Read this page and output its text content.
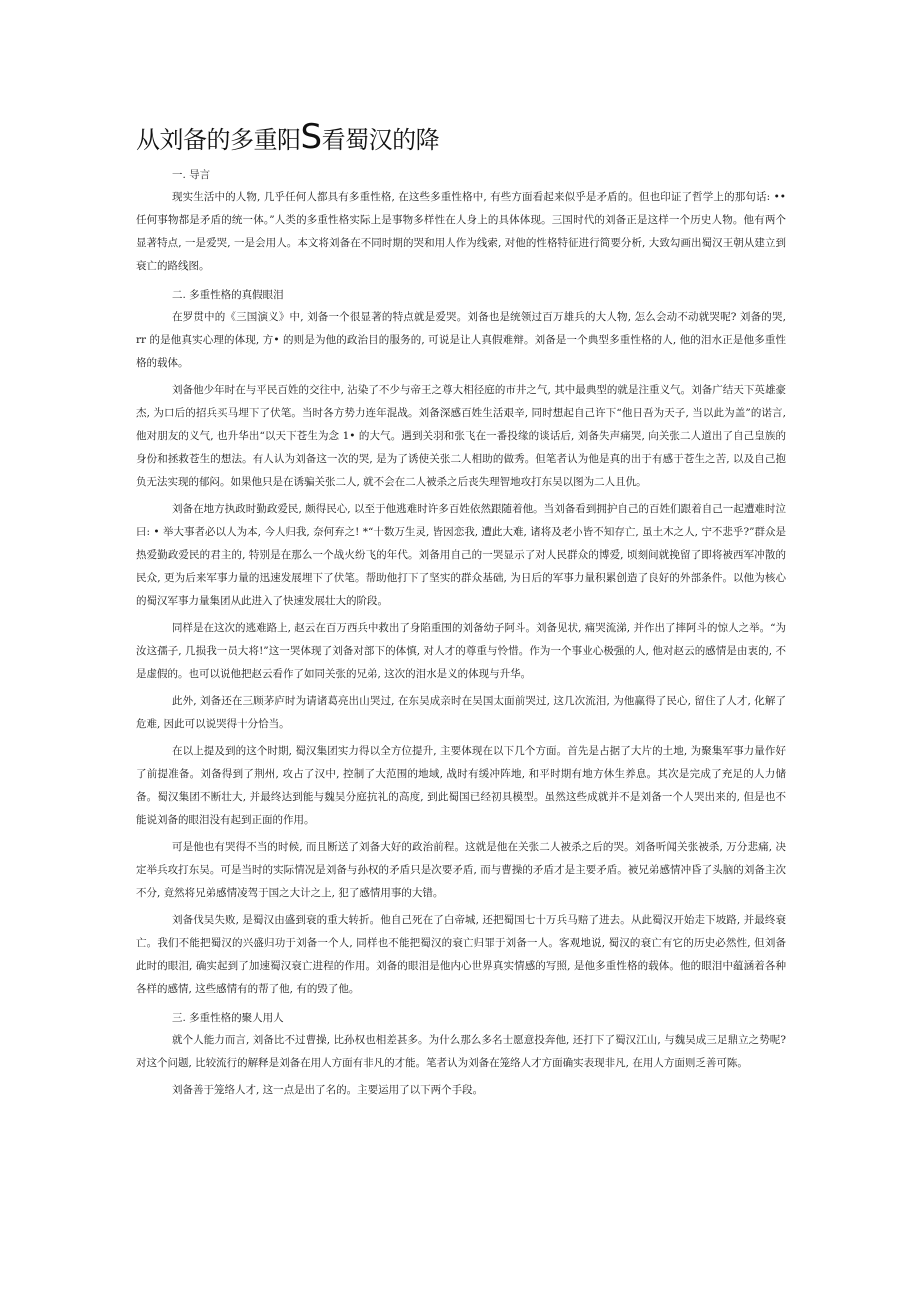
从刘备的多重阳S看蜀汉的降
一. 导言

现实生活中的人物, 几乎任何人都具有多重性格, 在这些多重性格中, 有些方面看起来似乎是矛盾的。但也印证了哲学上的那句话: •• 任何事物都是矛盾的统一体。”人类的多重性格实际上是事物多样性在人身上的具体体现。三国时代的刘备正是这样一个历史人物。他有两个显著特点, 一是爱哭, 一是会用人。本文将刘备在不同时期的哭和用人作为线索, 对他的性格特征进行简要分析, 大致勾画出蜀汉王朝从建立到衰亡的路线图。

二. 多重性格的真假眼泪

在罗贯中的《三国演义》中, 刘备一个很显著的特点就是爱哭。刘备也是统领过百万雄兵的大人物, 怎么会动不动就哭呢? 刘备的哭, rr 的是他真实心理的体现, 方• 的则是为他的政治目的服务的, 可说是让人真假难辩。刘备是一个典型多重性格的人, 他的泪水正是他多重性格的载体。

刘备他少年时在与平民百姓的交往中, 沾染了不少与帝王之尊大相径庭的市井之气, 其中最典型的就是注重义气。刘备广结天下英雄豪杰, 为口后的招兵买马埋下了伏笔。当时各方势力连年混战。刘备深感百姓生活艰辛, 同时想起自己许下“他日吾为天子, 当以此为盖”的诺言, 他对朋友的义气, 也升华出“以天下苍生为念 1• 的大气。遇到关羽和张飞在一番投缘的谈话后, 刘备失声痛哭, 向关张二人道出了自己皇族的身份和拯救苍生的想法。有人认为刘备这一次的哭, 是为了诱使关张二人相助的做秀。但笔者认为他是真的出于有感于苍生之苦, 以及自己抱负无法实现的郁闷。如果他只是在诱骗关张二人, 就不会在二人被杀之后丧失理智地攻打东吴以图为二人且仇。

刘备在地方执政时勤政爱民, 颇得民心, 以至于他逃难时许多百姓依然跟随着他。当刘备看到拥护自己的百姓们跟着自己一起遭难时泣曰: • 举大事者必以人为本, 今人归我, 奈何弃之! *“十数万生灵, 皆因恋我, 遭此大难, 诸将及老小皆不知存亡, 虽土木之人, 宁不悲乎?”群众是热爱勤政爱民的君主的, 特别是在那么一个战火纷飞的年代。刘备用自己的一哭显示了对人民群众的博爱, 顷刻间就挽留了即将被西军冲散的民众, 更为后来军事力量的迅速发展埋下了伏笔。帮助他打下了坚实的群众基础, 为日后的军事力量积累创造了良好的外部条件。以他为核心的蜀汉军事力量集团从此进入了快速发展壮大的阶段。

同样是在这次的逃难路上, 赵云在百万西兵中救出了身陷重围的刘备幼子阿斗。刘备见状, 痛哭流涕, 并作出了摔阿斗的惊人之举。“为汝这孺子, 几损我一员大将!”这一哭体现了刘备对部下的体慎, 对人才的尊重与怜惜。作为一个事业心极强的人, 他对赵云的感情是由衷的, 不是虚假的。也可以说他把赵云看作了如同关张的兄弟, 这次的泪水是义的体现与升华。

此外, 刘备还在三顾茅庐时为请诸葛亮出山哭过, 在东吴成亲时在吴国太面前哭过, 这几次流泪, 为他赢得了民心, 留住了人才, 化解了危难, 因此可以说哭得十分恰当。

在以上提及到的这个时期, 蜀汉集团实力得以全方位提升, 主要体现在以下几个方面。首先是占据了大片的土地, 为聚集军事力量作好了前提准备。刘备得到了荆州, 攻占了汉中, 控制了大范围的地域, 战时有缓冲阵地, 和平时期有地方休生养息。其次是完成了充足的人力储备。蜀汉集团不断壮大, 并最终达到能与魏吴分庭抗礼的高度, 到此蜀国已经初具模型。虽然这些成就并不是刘备一个人哭出来的, 但是也不能说刘备的眼泪没有起到正面的作用。

可是他也有哭得不当的时候, 而且断送了刘备大好的政治前程。这就是他在关张二人被杀之后的哭。刘备听闻关张被杀, 万分悲痛, 决定举兵攻打东吴。可是当时的实际情况是刘备与孙权的矛盾只是次要矛盾, 而与曹操的矛盾才是主要矛盾。被兄弟感情冲昏了头脑的刘备主次不分, 竟然将兄弟感情凌驾于国之大计之上, 犯了感情用事的大错。

刘备伐吴失败, 是蜀汉由盛到衰的重大转折。他自己死在了白帝城, 还把蜀国七十万兵马赔了进去。从此蜀汉开始走下坡路, 并最终衰亡。我们不能把蜀汉的兴盛归功于刘备一个人, 同样也不能把蜀汉的衰亡归罪于刘备一人。客观地说, 蜀汉的衰亡有它的历史必然性, 但刘备此时的眼泪, 确实起到了加速蜀汉衰亡进程的作用。刘备的眼泪是他内心世界真实情感的写照, 是他多重性格的载体。他的眼泪中蕴涵着各种各样的感情, 这些感情有的帮了他, 有的毁了他。

三. 多重性格的聚人用人

就个人能力而言, 刘备比不过曹操, 比孙权也相差甚多。为什么那么多名士愿意投奔他, 还打下了蜀汉江山, 与魏吴成三足鼎立之势呢? 对这个问题, 比较流行的解释是刘备在用人方面有非凡的才能。笔者认为刘备在笼络人才方面确实表现非凡, 在用人方面则乏善可陈。

刘备善于笼络人才, 这一点是出了名的。主要运用了以下两个手段。
